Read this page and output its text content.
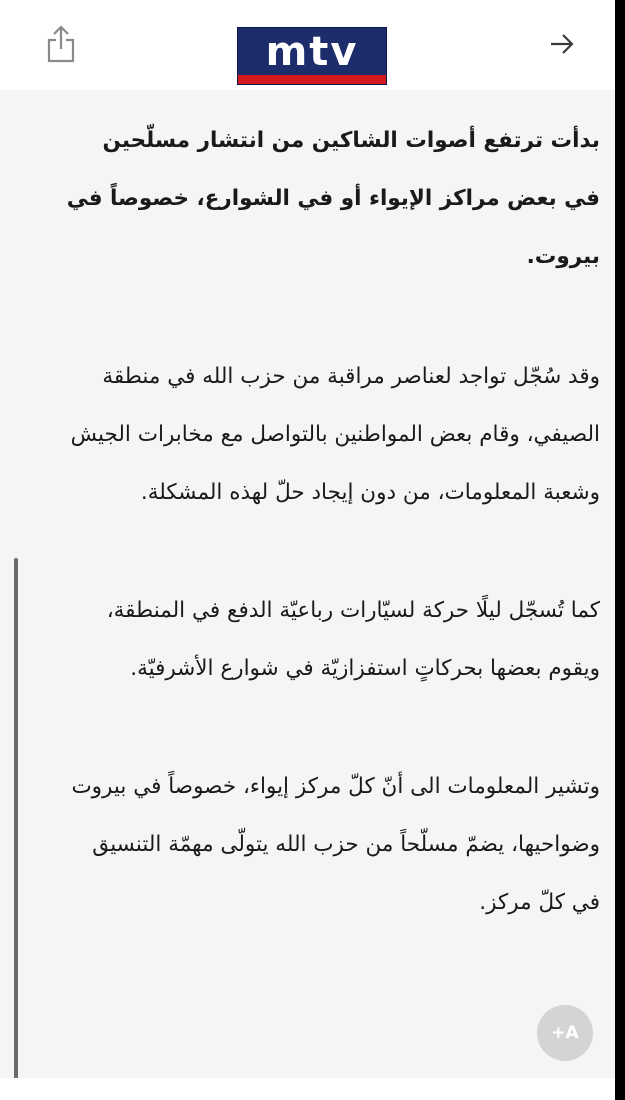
mtv

بدأت ترتفع أصوات الشاكين من انتشار مسلّحين في بعض مراكز الإيواء أو في الشوارع، خصوصاً في بيروت.

وقد سُجّل تواجد لعناصر مراقبة من حزب الله في منطقة الصيفي، وقام بعض المواطنين بالتواصل مع مخابرات الجيش وشعبة المعلومات، من دون إيجاد حلّ لهذه المشكلة.

كما تُسجّل ليلًا حركة لسيّارات رباعيّة الدفع في المنطقة، ويقوم بعضها بحركاتٍ استفزازيّة في شوارع الأشرفيّة.

وتشير المعلومات الى أنّ كلّ مركز إيواء، خصوصاً في بيروت وضواحيها، يضمّ مسلّحاً من حزب الله يتولّى مهمّة التنسيق في كلّ مركز.

+A
